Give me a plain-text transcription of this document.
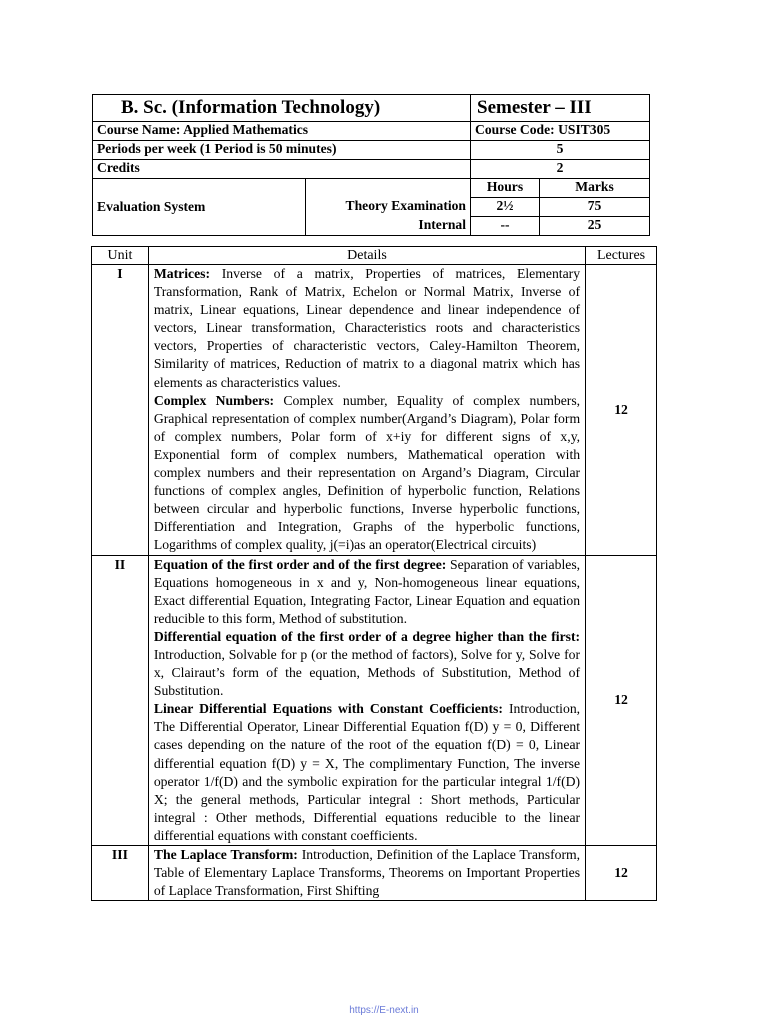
B. Sc. (Information Technology)		Semester – III	
Course Name: Applied Mathematics		Course Code: USIT305	
Periods per week (1 Period is 50 minutes)		5	
Credits		2	
Evaluation System		Hours	Marks
	Theory Examination	2½	75
	Internal	--	25
Unit	Details	Lectures
I	Matrices: Inverse of a matrix, Properties of matrices, Elementary Transformation, Rank of Matrix, Echelon or Normal Matrix, Inverse of matrix, Linear equations, Linear dependence and linear independence of vectors, Linear transformation, Characteristics roots and characteristics vectors, Properties of characteristic vectors, Caley-Hamilton Theorem, Similarity of matrices, Reduction of matrix to a diagonal matrix which has elements as characteristics values.

Complex Numbers: Complex number, Equality of complex numbers, Graphical representation of complex number(Argand’s Diagram), Polar form of complex numbers, Polar form of x+iy for different signs of x,y, Exponential form of complex numbers, Mathematical operation with complex numbers and their representation on Argand’s Diagram, Circular functions of complex angles, Definition of hyperbolic function, Relations between circular and hyperbolic functions, Inverse hyperbolic functions, Differentiation and Integration, Graphs of the hyperbolic functions, Logarithms of complex quality, j(=i)as an operator(Electrical circuits)	12
II	Equation of the first order and of the first degree: Separation of variables, Equations homogeneous in x and y, Non-homogeneous linear equations, Exact differential Equation, Integrating Factor, Linear Equation and equation reducible to this form, Method of substitution.

Differential equation of the first order of a degree higher than the first: Introduction, Solvable for p (or the method of factors), Solve for y, Solve for x, Clairaut’s form of the equation, Methods of Substitution, Method of Substitution.

Linear Differential Equations with Constant Coefficients: Introduction, The Differential Operator, Linear Differential Equation f(D) y = 0, Different cases depending on the nature of the root of the equation f(D) = 0, Linear differential equation f(D) y = X, The complimentary Function, The inverse operator 1/f(D) and the symbolic expiration for the particular integral 1/f(D) X; the general methods, Particular integral : Short methods, Particular integral : Other methods, Differential equations reducible to the linear differential equations with constant coefficients.	12
III	The Laplace Transform: Introduction, Definition of the Laplace Transform, Table of Elementary Laplace Transforms, Theorems on Important Properties of Laplace Transformation, First Shifting	12
https://E-next.in
